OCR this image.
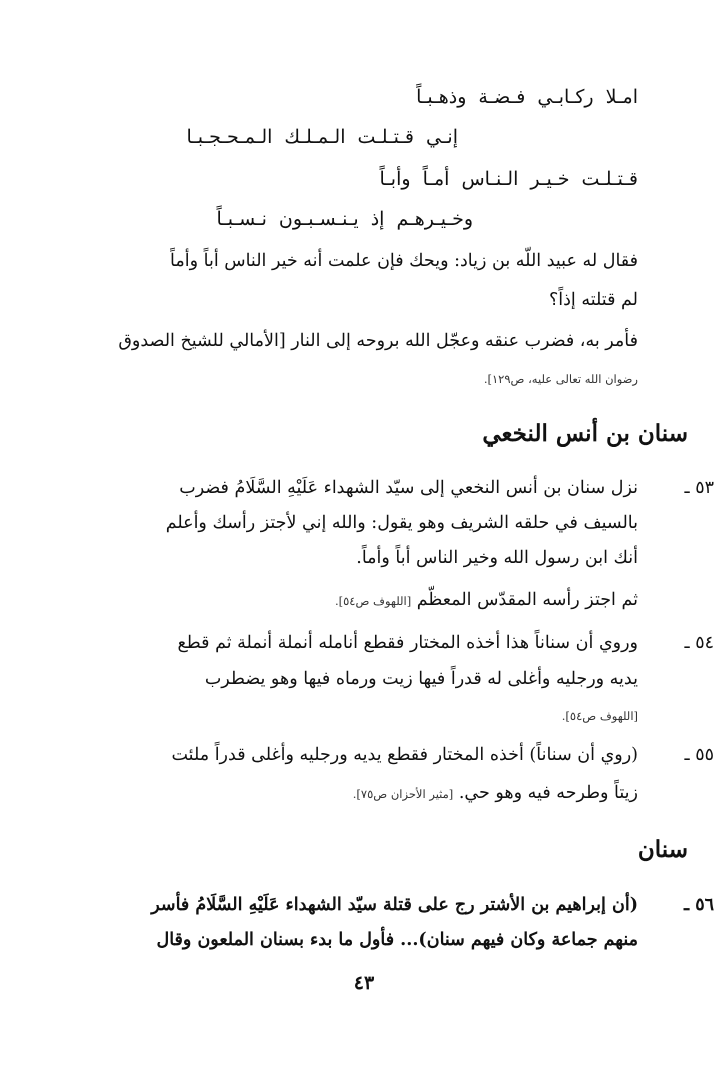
امـلا ركـابـي فـضـة وذهـبـاً
إنـي قـتـلـت الـمـلـك الـمـحـجـبـا
قـتـلـت خـيـر الـنـاس أمـاً وأبـاً
وخـيـرهـم إذ يـنـسـبـون نـسـبـاً
فقال له عبيد اللّه بن زياد: ويحك فإن علمت أنه خير الناس أباً وأماً
لم قتلته إذاً؟
فأمر به، فضرب عنقه وعجّل الله بروحه إلى النار [الأمالي للشيخ الصدوق
رضوان الله تعالى عليه، ص١٢٩].
سنان بن أنس النخعي
٥٣ ـ
نزل سنان بن أنس النخعي إلى سيّد الشهداء عَلَيْهِ السَّلَامُ فضرب
بالسيف في حلقه الشريف وهو يقول: والله إني لأجتز رأسك وأعلم
أنك ابن رسول الله وخير الناس أباً وأماً.
ثم اجتز رأسه المقدّس المعظّم [اللهوف ص٥٤].
٥٤ ـ
وروي أن سناناً هذا أخذه المختار فقطع أنامله أنملة أنملة ثم قطع
يديه ورجليه وأغلى له قدراً فيها زيت ورماه فيها وهو يضطرب
[اللهوف ص٥٤].
٥٥ ـ
(روي أن سناناً) أخذه المختار فقطع يديه ورجليه وأغلى قدراً ملئت
زيتاً وطرحه فيه وهو حي. [مثير الأحزان ص٧٥].
سنان
٥٦ ـ
(أن إبراهيم بن الأشتر رج على قتلة سيّد الشهداء عَلَيْهِ السَّلَامُ فأسر
منهم جماعة وكان فيهم سنان)... فأول ما بدء بسنان الملعون وقال
٤٣
